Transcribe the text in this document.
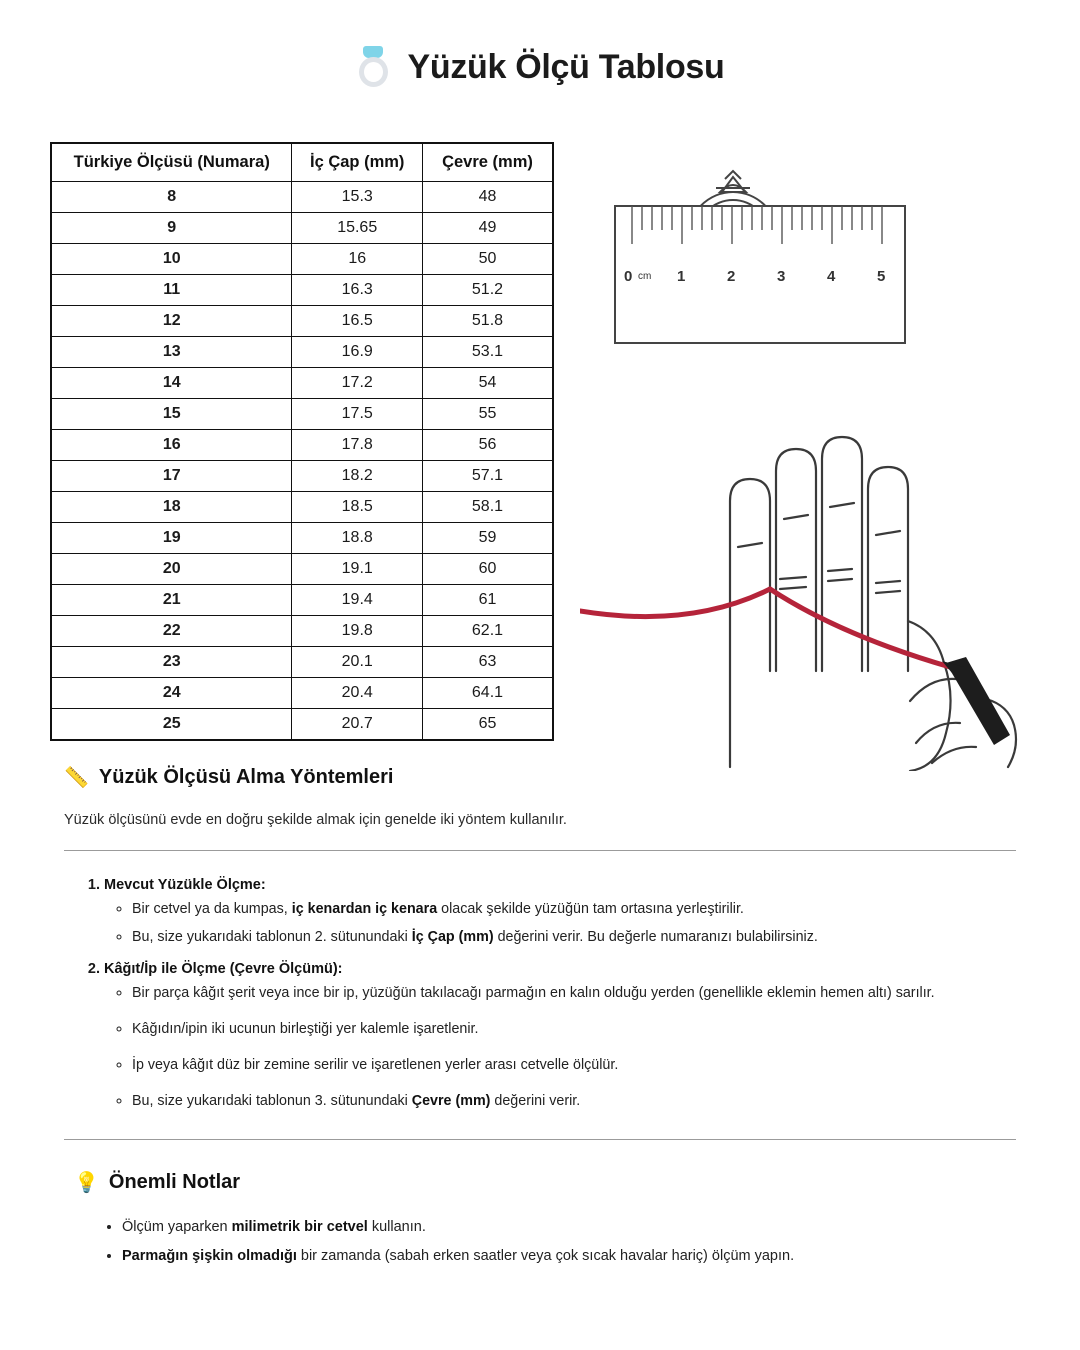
Yüzük Ölçü Tablosu
Türkiye Ölçüsü (Numara)	İç Çap (mm)	Çevre (mm)
8	15.3	48
9	15.65	49
10	16	50
11	16.3	51.2
12	16.5	51.8
13	16.9	53.1
14	17.2	54
15	17.5	55
16	17.8	56
17	18.2	57.1
18	18.5	58.1
19	18.8	59
20	19.1	60
21	19.4	61
22	19.8	62.1
23	20.1	63
24	20.4	64.1
25	20.7	65
0 cm 1	2	3	4	5
📏 Yüzük Ölçüsü Alma Yöntemleri

Yüzük ölçüsünü evde en doğru şekilde almak için genelde iki yöntem kullanılır.

1. Mevcut Yüzükle Ölçme:
◦ Bir cetvel ya da kumpas, iç kenardan iç kenara olacak şekilde yüzüğün tam ortasına yerleştirilir.
◦ Bu, size yukarıdaki tablonun 2. sütunundaki İç Çap (mm) değerini verir. Bu değerle numaranızı bulabilirsiniz.
2. Kâğıt/İp ile Ölçme (Çevre Ölçümü):
◦ Bir parça kâğıt şerit veya ince bir ip, yüzüğün takılacağı parmağın en kalın olduğu yerden (genellikle eklemin hemen altı) sarılır.
◦ Kâğıdın/ipin iki ucunun birleştiği yer kalemle işaretlenir.
◦ İp veya kâğıt düz bir zemine serilir ve işaretlenen yerler arası cetvelle ölçülür.
◦ Bu, size yukarıdaki tablonun 3. sütunundaki Çevre (mm) değerini verir.
💡 Önemli Notlar
• Ölçüm yaparken milimetrik bir cetvel kullanın.
• Parmağın şişkin olmadığı bir zamanda (sabah erken saatler veya çok sıcak havalar hariç) ölçüm yapın.
